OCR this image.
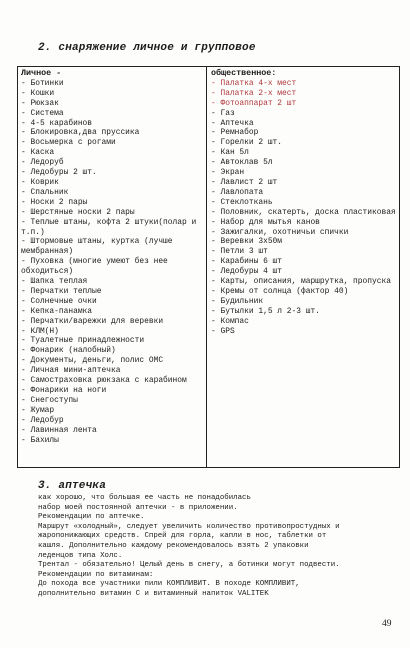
2. снаряжение личное и групповое
Личное -
- Ботинки
- Кошки
- Рюкзак
- Система
- 4-5 карабинов
- Блокировка,два пруссика
- Восьмерка с рогами
- Каска
- Ледоруб
- Ледобуры 2 шт.
- Коврик
- Спальник
- Носки 2 пары
- Шерстяные носки 2 пары
- Теплые штаны, кофта 2 штуки(полар и т.п.)
- Штормовые штаны, куртка (лучше мембранная)
- Пуховка (многие умеют без нее обходиться)
- Шапка теплая
- Перчатки теплые
- Солнечные очки
- Кепка-панамка
- Перчатки/варежки для веревки
- КЛМ(Н)
- Туалетные принадлежности
- Фонарик (налобный)
- Документы, деньги, полис ОМС
- Личная мини-аптечка
- Самостраховка рюкзака с карабином
- Фонарики на ноги
- Снегоступы
- Жумар
- Ледобур
- Лавинная лента
- Бахилы
общественное:
- Палатка 4-х мест
- Палатка 2-х мест
- Фотоаппарат 2 шт
- Газ
- Аптечка
- Ремнабор
- Горелки 2 шт.
- Кан 5л
- Автоклав 5л
- Экран
- Лавлист 2 шт
- Лавлопата
- Стеклоткань
- Половник, скатерть, доска пластиковая
- Набор для мытья канов
- Зажигалки, охотничьи спички
- Веревки 3х50м
- Петли 3 шт
- Карабины 6 шт
- Ледобуры 4 шт
- Карты, описания, маршрутка, пропуска
- Кремы от солнца (фактор 40)
- Будильник
- Бутылки 1,5 л 2-3 шт.
- Компас
- GPS
3. аптечка
как хорошо, что большая ее часть не понадобилась
набор моей постоянной аптечки - в приложении.
Рекомендации по аптечке.
Маршрут «холодный», следует увеличить количество противопростудных и
жаропонижающих средств. Спрей для горла, капли в нос, таблетки от
кашля. Дополнительно каждому рекомендовалось взять 2 упаковки
леденцов типа Холс.
Трентал - обязательно! Целый день в снегу, а ботинки могут подвести.
Рекомендации по витаминам:
До похода все участники пили КОМПЛИВИТ. В походе КОМПЛИВИТ,
дополнительно витамин С и витаминный напиток VALITEK
49
